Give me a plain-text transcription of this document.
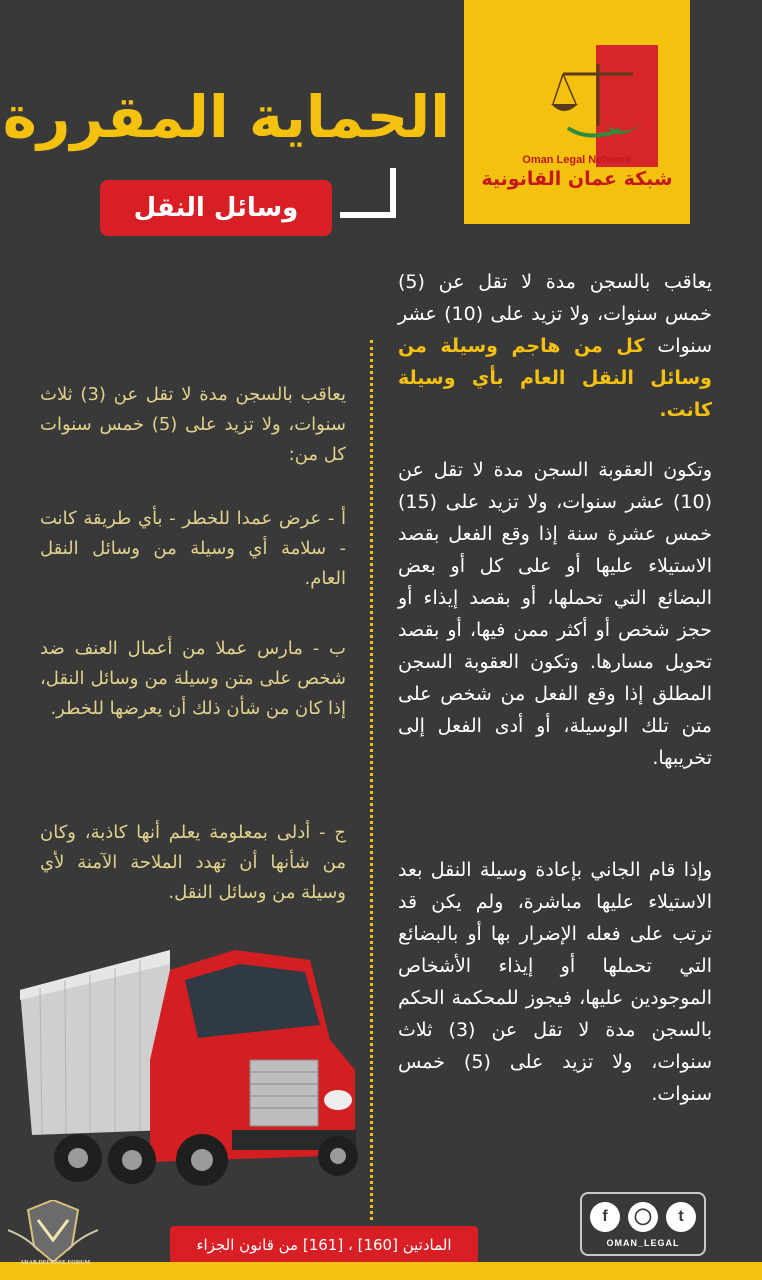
Oman Legal Network
شبكة عمان القانونية
الحماية المقررة
وسائل النقل
يعاقب بالسجن مدة لا تقل عن (5) خمس سنوات، ولا تزيد على (10) عشر سنوات كل من هاجم وسيلة من وسائل النقل العام بأي وسيلة كانت.
وتكون العقوبة السجن مدة لا تقل عن (10) عشر سنوات، ولا تزيد على (15) خمس عشرة سنة إذا وقع الفعل بقصد الاستيلاء عليها أو على كل أو بعض البضائع التي تحملها، أو بقصد إيذاء أو حجز شخص أو أكثر ممن فيها، أو بقصد تحويل مسارها. وتكون العقوبة السجن المطلق إذا وقع الفعل من شخص على متن تلك الوسيلة، أو أدى الفعل إلى تخريبها.
وإذا قام الجاني بإعادة وسيلة النقل بعد الاستيلاء عليها مباشرة، ولم يكن قد ترتب على فعله الإضرار بها أو بالبضائع التي تحملها أو إيذاء الأشخاص الموجودين عليها، فيجوز للمحكمة الحكم بالسجن مدة لا تقل عن (3) ثلاث سنوات، ولا تزيد على (5) خمس سنوات.
يعاقب بالسجن مدة لا تقل عن (3) ثلاث سنوات، ولا تزيد على (5) خمس سنوات كل من:
أ - عرض عمدا للخطر - بأي طريقة كانت - سلامة أي وسيلة من وسائل النقل العام.
ب - مارس عملا من أعمال العنف ضد شخص على متن وسيلة من وسائل النقل، إذا كان من شأن ذلك أن يعرضها للخطر.
ج - أدلى بمعلومة يعلم أنها كاذبة، وكان من شأنها أن تهدد الملاحة الآمنة لأي وسيلة من وسائل النقل.
f	◯	t
OMAN_LEGAL
المادتين [160] ، [161] من قانون الجزاء
ARAB DEFENSE FORUM
